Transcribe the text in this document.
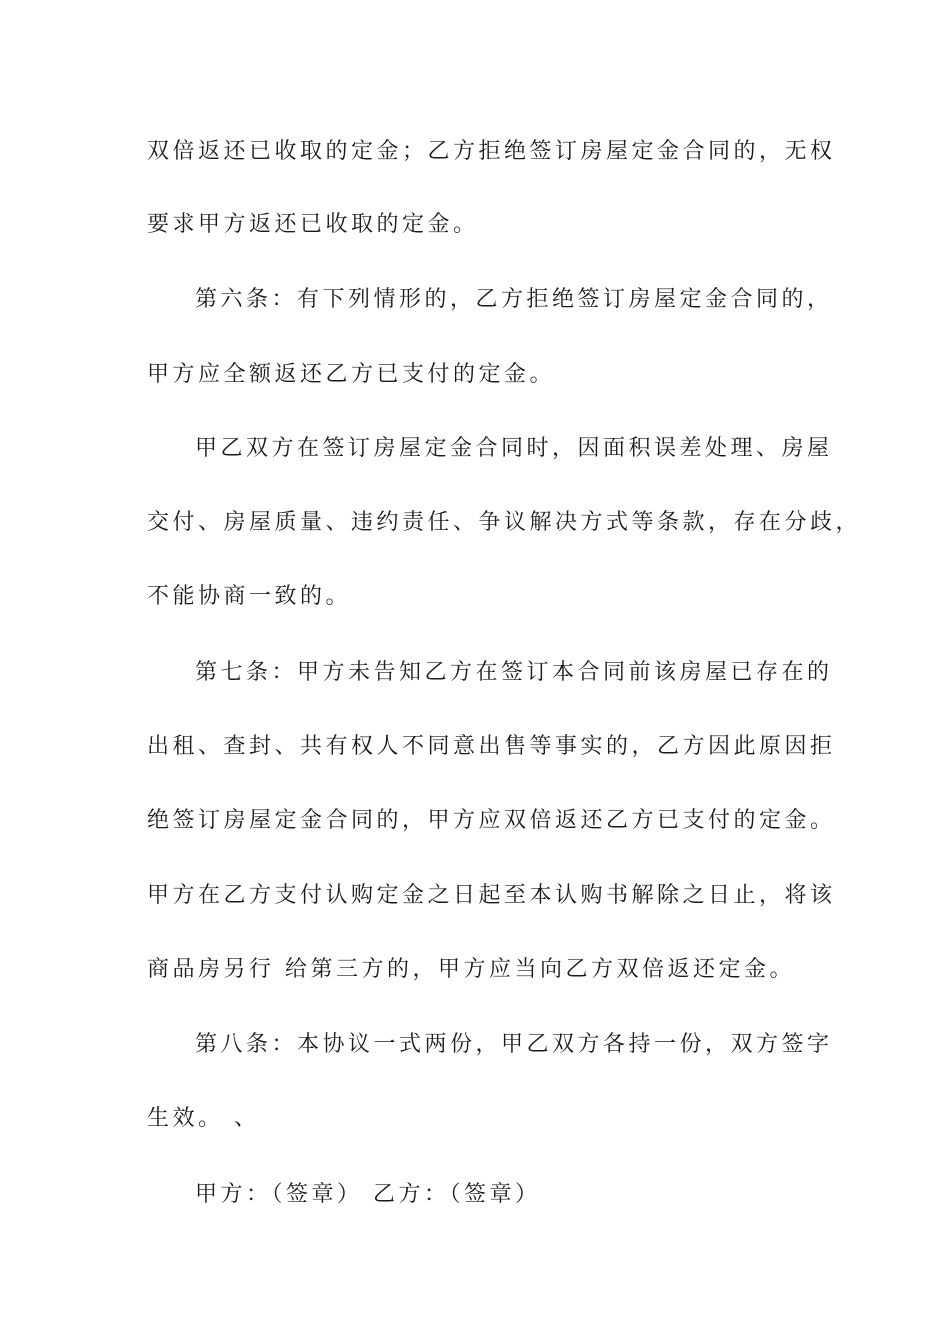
双倍返还已收取的定金；乙方拒绝签订房屋定金合同的，无权
要求甲方返还已收取的定金。
第六条：有下列情形的，乙方拒绝签订房屋定金合同的，
甲方应全额返还乙方已支付的定金。
甲乙双方在签订房屋定金合同时，因面积误差处理、房屋
交付、房屋质量、违约责任、争议解决方式等条款，存在分歧，
不能协商一致的。
第七条：甲方未告知乙方在签订本合同前该房屋已存在的
出租、查封、共有权人不同意出售等事实的，乙方因此原因拒
绝签订房屋定金合同的，甲方应双倍返还乙方已支付的定金。
甲方在乙方支付认购定金之日起至本认购书解除之日止，将该
商品房另行 给第三方的，甲方应当向乙方双倍返还定金。
第八条：本协议一式两份，甲乙双方各持一份，双方签字
生效。 、
甲方：（签章） 乙方：（签章）
